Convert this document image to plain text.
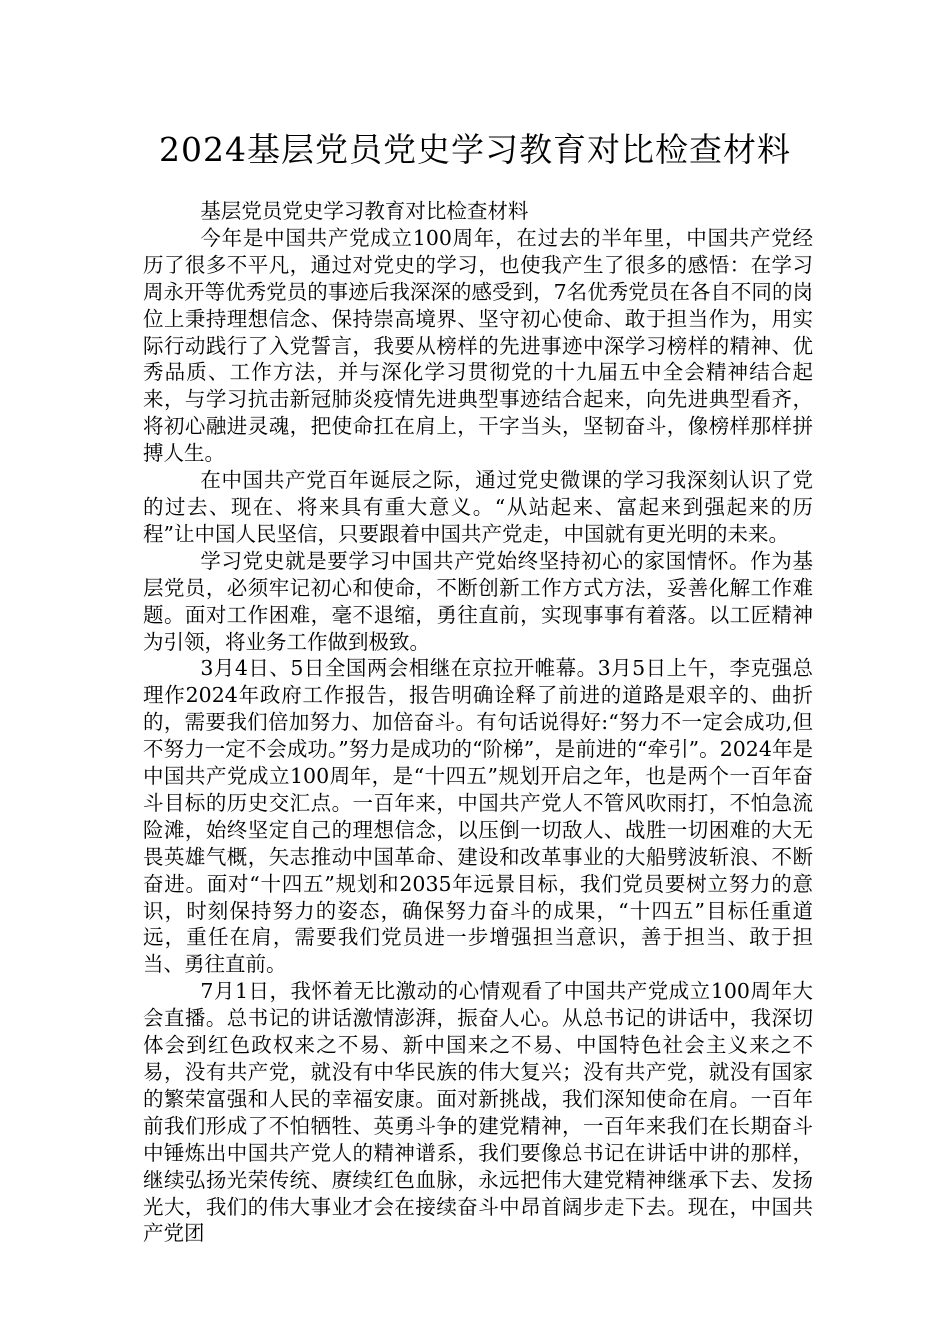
2024基层党员党史学习教育对比检查材料

基层党员党史学习教育对比检查材料

今年是中国共产党成立100周年，在过去的半年里，中国共产党经历了很多不平凡，通过对党史的学习，也使我产生了很多的感悟：在学习周永开等优秀党员的事迹后我深深的感受到，7名优秀党员在各自不同的岗位上秉持理想信念、保持崇高境界、坚守初心使命、敢于担当作为，用实际行动践行了入党誓言，我要从榜样的先进事迹中深学习榜样的精神、优秀品质、工作方法，并与深化学习贯彻党的十九届五中全会精神结合起来，与学习抗击新冠肺炎疫情先进典型事迹结合起来，向先进典型看齐，将初心融进灵魂，把使命扛在肩上，干字当头，坚韧奋斗，像榜样那样拼搏人生。

在中国共产党百年诞辰之际，通过党史微课的学习我深刻认识了党的过去、现在、将来具有重大意义。“从站起来、富起来到强起来的历程”让中国人民坚信，只要跟着中国共产党走，中国就有更光明的未来。

学习党史就是要学习中国共产党始终坚持初心的家国情怀。作为基层党员，必须牢记初心和使命，不断创新工作方式方法，妥善化解工作难题。面对工作困难，毫不退缩，勇往直前，实现事事有着落。以工匠精神为引领，将业务工作做到极致。

3月4日、5日全国两会相继在京拉开帷幕。3月5日上午，李克强总理作2024年政府工作报告，报告明确诠释了前进的道路是艰辛的、曲折的，需要我们倍加努力、加倍奋斗。有句话说得好:“努力不一定会成功,但不努力一定不会成功。”努力是成功的“阶梯”，是前进的“牵引”。2024年是中国共产党成立100周年，是“十四五”规划开启之年，也是两个一百年奋斗目标的历史交汇点。一百年来，中国共产党人不管风吹雨打，不怕急流险滩，始终坚定自己的理想信念，以压倒一切敌人、战胜一切困难的大无畏英雄气概，矢志推动中国革命、建设和改革事业的大船劈波斩浪、不断奋进。面对“十四五”规划和2035年远景目标，我们党员要树立努力的意识，时刻保持努力的姿态，确保努力奋斗的成果，“十四五”目标任重道远，重任在肩，需要我们党员进一步增强担当意识，善于担当、敢于担当、勇往直前。

7月1日，我怀着无比激动的心情观看了中国共产党成立100周年大会直播。总书记的讲话激情澎湃，振奋人心。从总书记的讲话中，我深切体会到红色政权来之不易、新中国来之不易、中国特色社会主义来之不易，没有共产党，就没有中华民族的伟大复兴；没有共产党，就没有国家的繁荣富强和人民的幸福安康。面对新挑战，我们深知使命在肩。一百年前我们形成了不怕牺牲、英勇斗争的建党精神，一百年来我们在长期奋斗中锤炼出中国共产党人的精神谱系，我们要像总书记在讲话中讲的那样，继续弘扬光荣传统、赓续红色血脉，永远把伟大建党精神继承下去、发扬光大，我们的伟大事业才会在接续奋斗中昂首阔步走下去。现在，中国共产党团
